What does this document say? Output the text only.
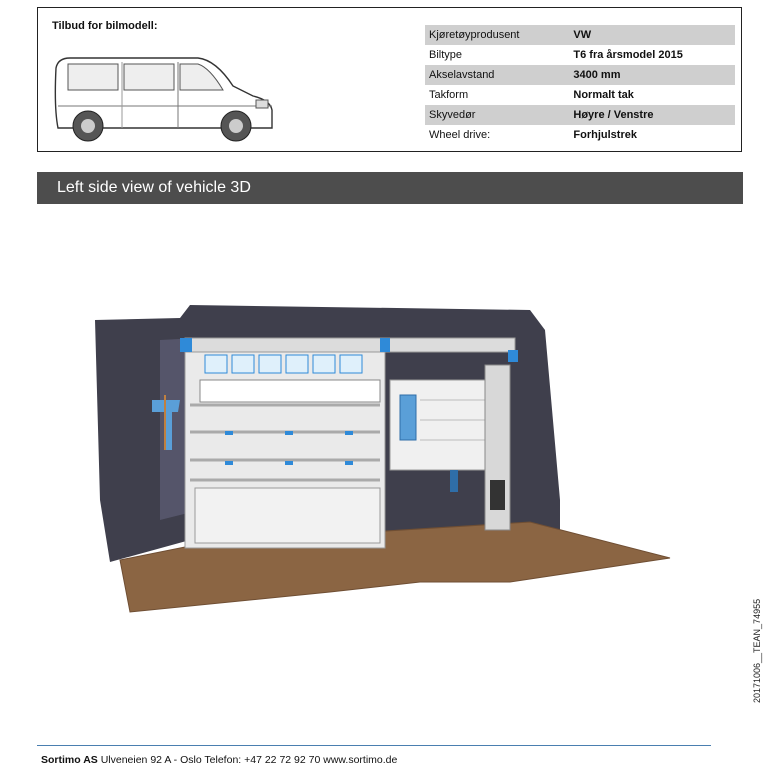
Tilbud for bilmodell:
Kjøretøyprodusent	VW
Biltype	T6 fra årsmodel 2015
Akselavstand	3400 mm
Takform	Normalt tak
Skyvedør	Høyre / Venstre
Wheel drive:	Forhjulstrek
Left side view of vehicle 3D
20171006__TEAN_74955
Sortimo AS Ulveneien 92 A - Oslo Telefon: +47 22 72 92 70 www.sortimo.de
